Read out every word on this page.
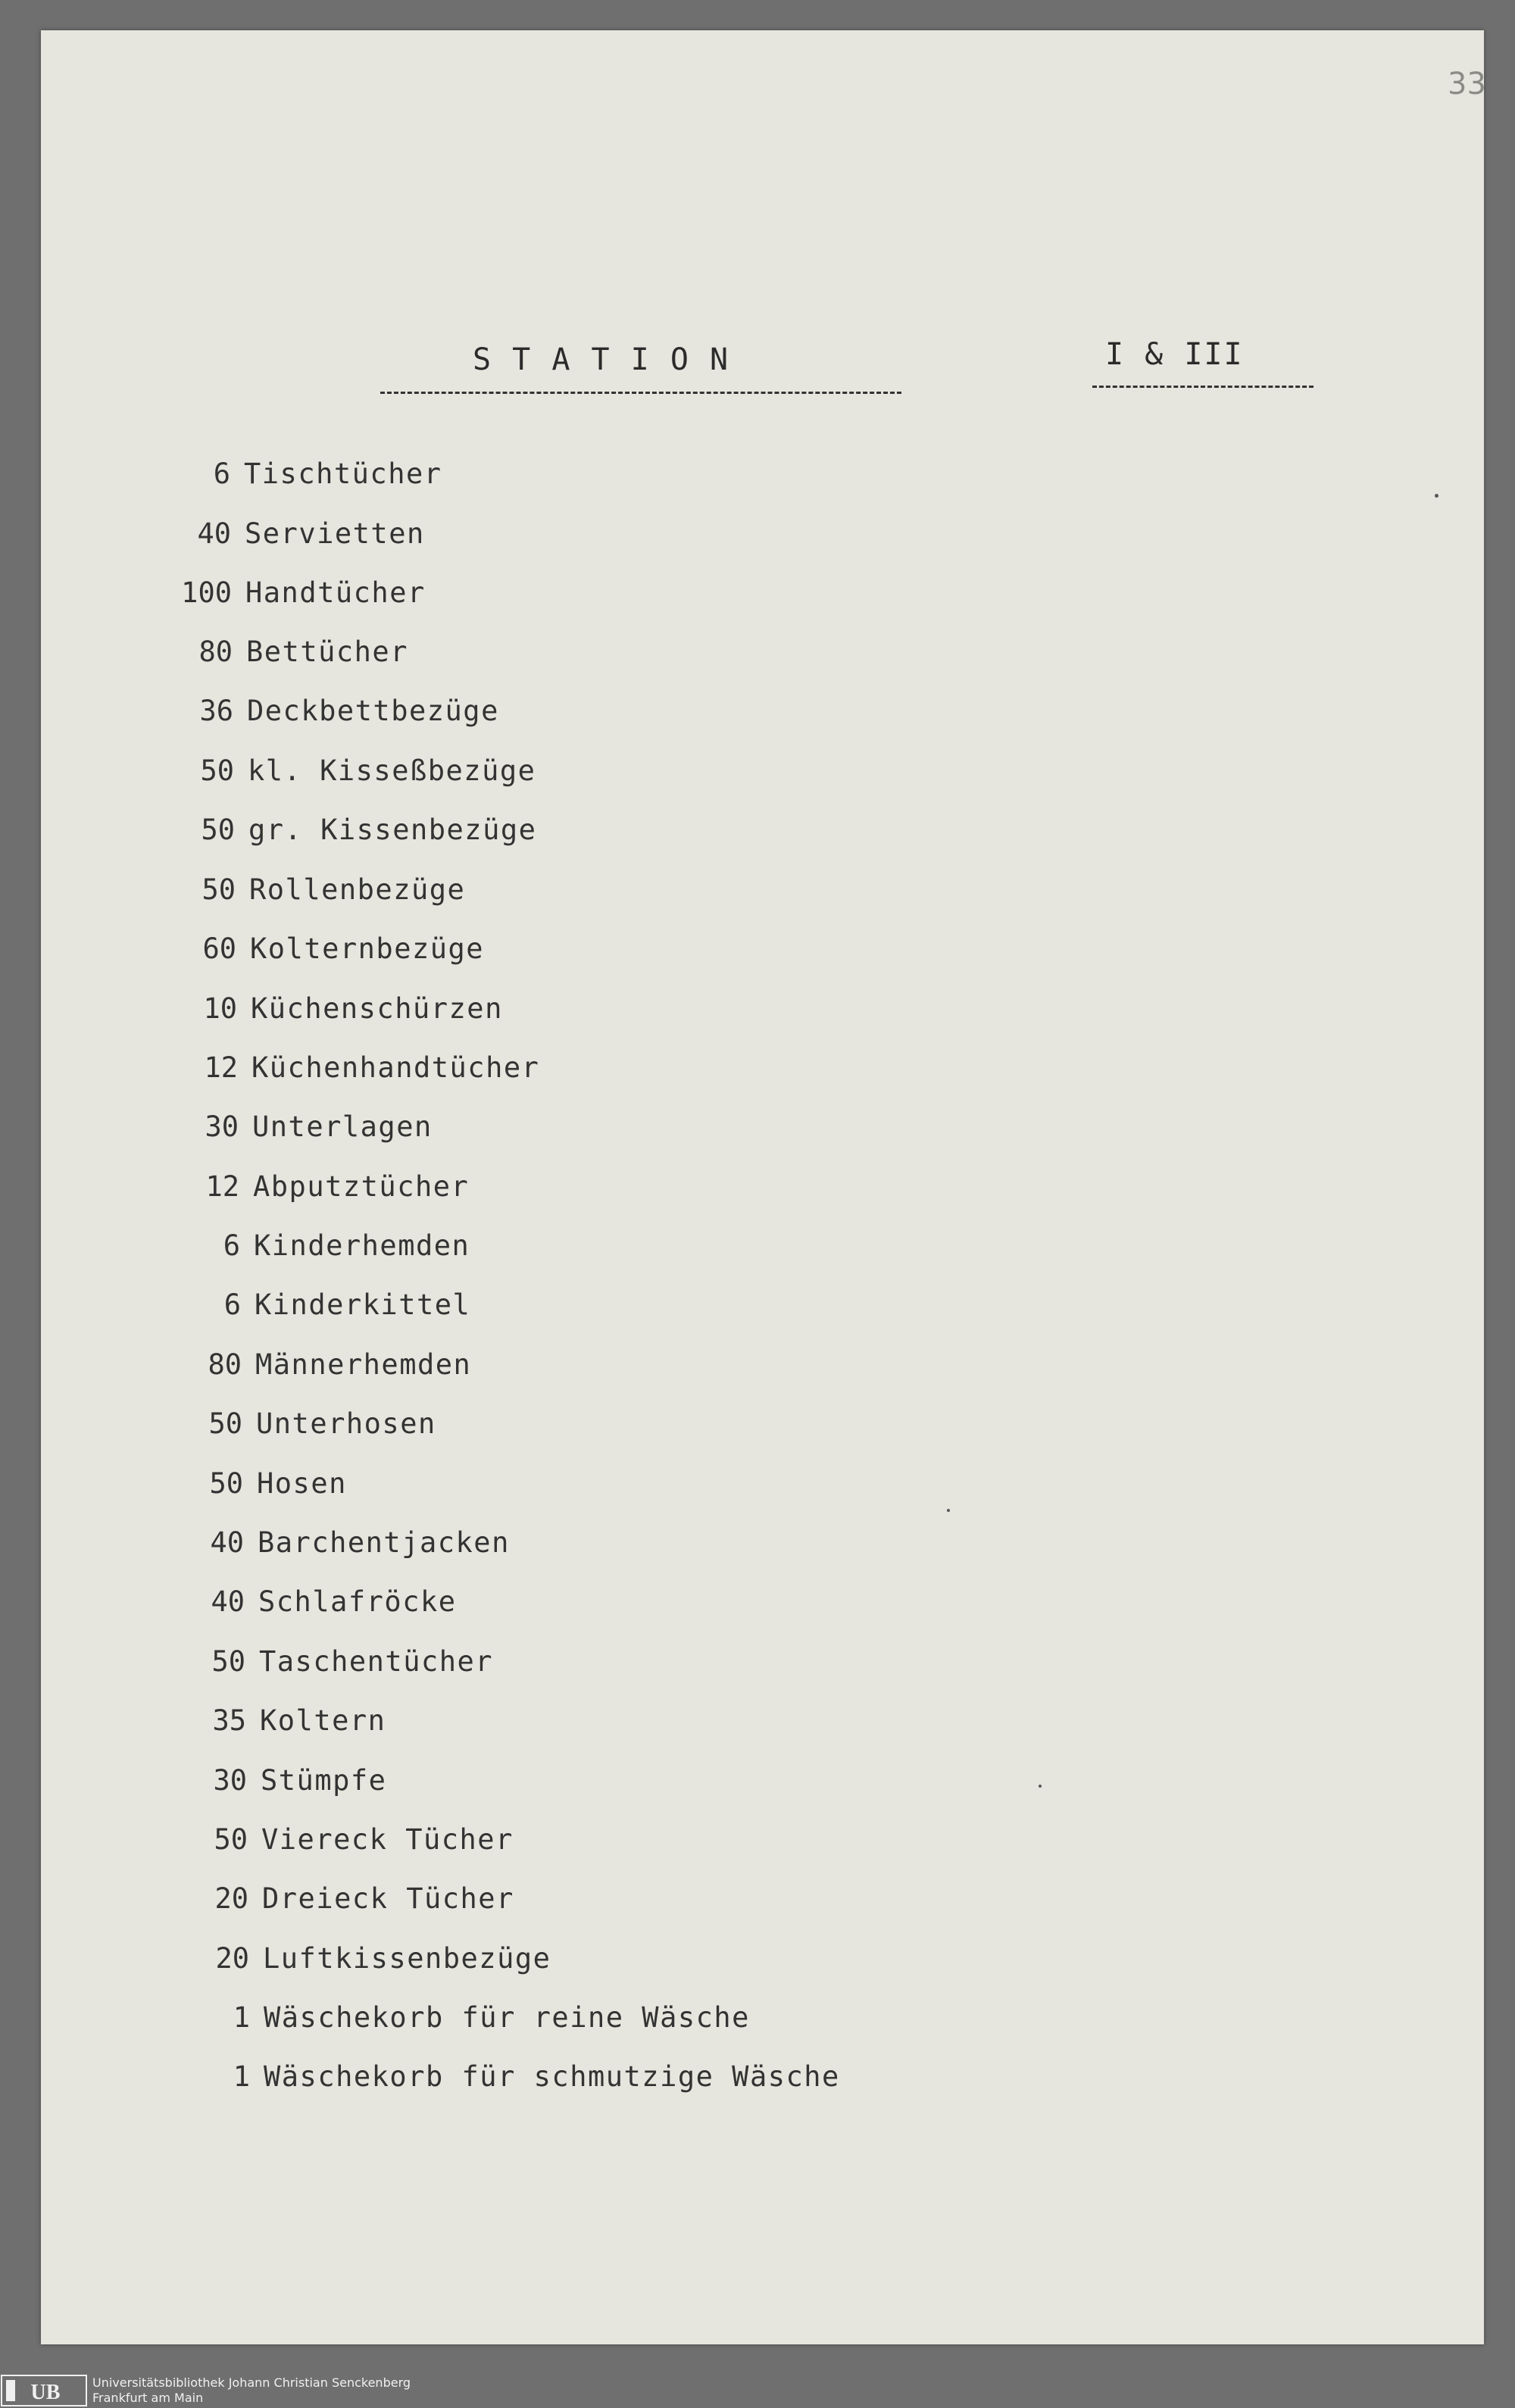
33
S T A T I O N	I & III
6 Tischtücher
40 Servietten
100 Handtücher
80 Bettücher
36 Deckbettbezüge
50 kl. Kisseßbezüge
50 gr. Kissenbezüge
50 Rollenbezüge
60 Kolternbezüge
10 Küchenschürzen
12 Küchenhandtücher
30 Unterlagen
12 Abputztücher
6 Kinderhemden
6 Kinderkittel
80 Männerhemden
50 Unterhosen
50 Hosen
40 Barchentjacken
40 Schlafröcke
50 Taschentücher
35 Koltern
30 Stümpfe
50 Viereck Tücher
20 Dreieck Tücher
20 Luftkissenbezüge
1 Wäschekorb für reine Wäsche
1 Wäschekorb für schmutzige Wäsche
UB	Universitätsbibliothek Johann Christian Senckenberg
Frankfurt am Main
